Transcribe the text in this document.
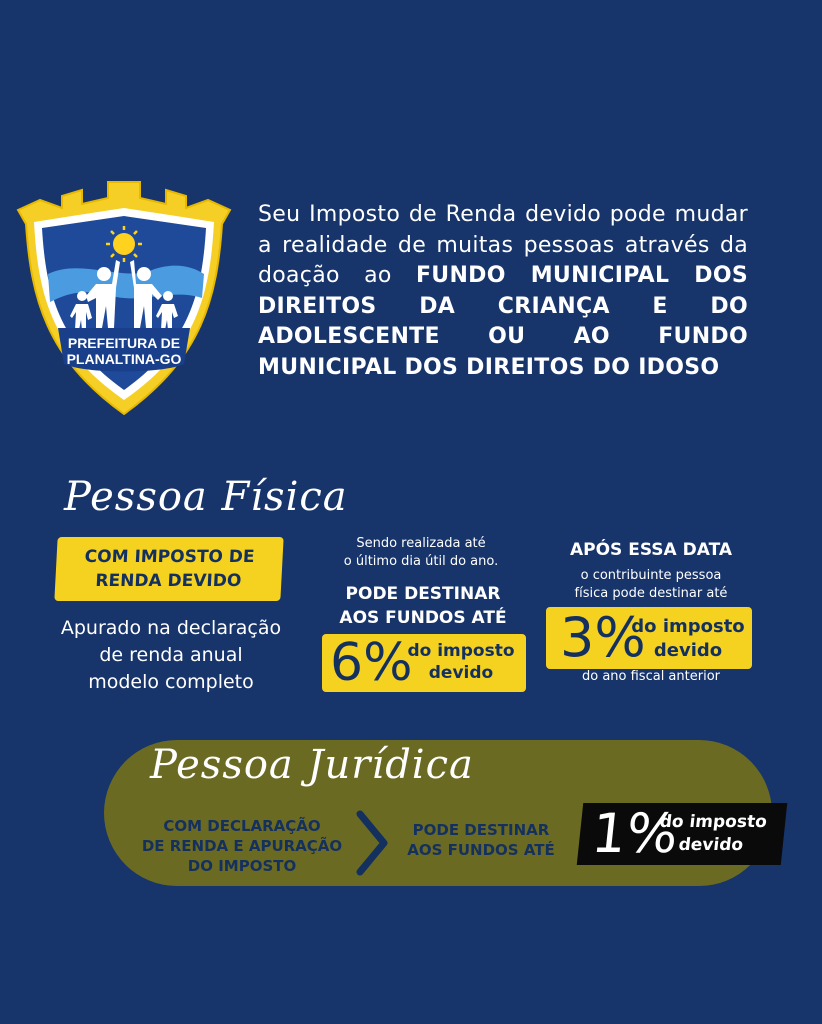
PREFEITURA DE
PLANALTINA-GO
Seu Imposto de Renda devido pode mudar a realidade de muitas pessoas através da doação ao FUNDO MUNICIPAL DOS DIREITOS DA CRIANÇA E DO ADOLESCENTE OU AO FUNDO MUNICIPAL DOS DIREITOS DO IDOSO
Pessoa Física
COM IMPOSTO DE
RENDA DEVIDO
Apurado na declaração
de renda anual
modelo completo
Sendo realizada até
o último dia útil do ano.
PODE DESTINAR
AOS FUNDOS ATÉ
6%
do imposto
devido
APÓS ESSA DATA
o contribuinte pessoa
física pode destinar até
3%
do imposto
devido
do ano fiscal anterior
Pessoa Jurídica
COM DECLARAÇÃO
DE RENDA E APURAÇÃO
DO IMPOSTO
PODE DESTINAR
AOS FUNDOS ATÉ 1%
do imposto
devido
